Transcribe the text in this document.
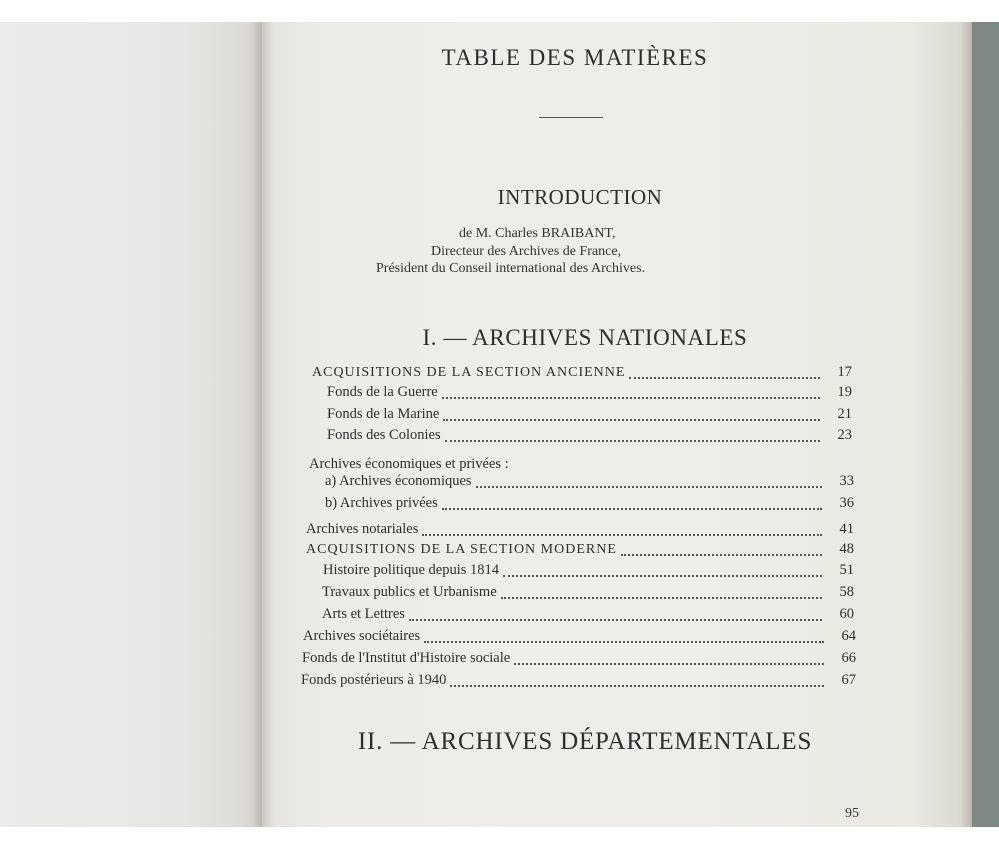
TABLE DES MATIÈRES
INTRODUCTION
de M. Charles BRAIBANT,
Directeur des Archives de France,
Président du Conseil international des Archives.
I. — ARCHIVES NATIONALES
ACQUISITIONS DE LA SECTION ANCIENNE	17
Fonds de la Guerre	19
Fonds de la Marine	21
Fonds des Colonies	23
Archives économiques et privées :
a) Archives économiques	33
b) Archives privées	36
Archives notariales	41
ACQUISITIONS DE LA SECTION MODERNE	48
Histoire politique depuis 1814	51
Travaux publics et Urbanisme	58
Arts et Lettres	60
Archives sociétaires	64
Fonds de l'Institut d'Histoire sociale	66
Fonds postérieurs à 1940	67
II. — ARCHIVES DÉPARTEMENTALES
95
